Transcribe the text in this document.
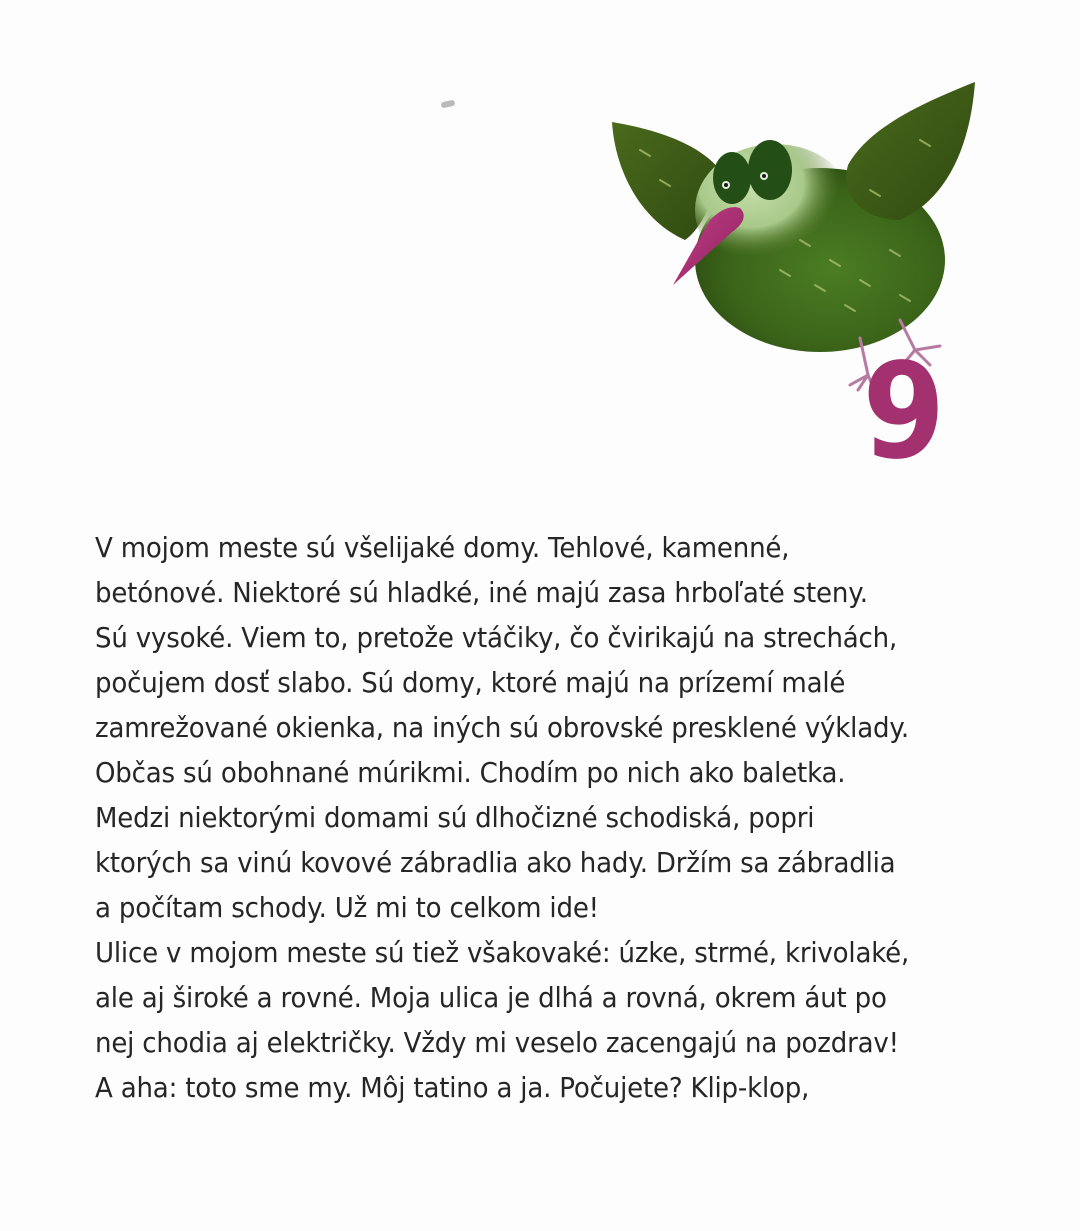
9
V mojom meste sú všelijaké domy. Tehlové, kamenné,
betónové. Niektoré sú hladké, iné majú zasa hrboľaté steny.
Sú vysoké. Viem to, pretože vtáčiky, čo čvirikajú na strechách,
počujem dosť slabo. Sú domy, ktoré majú na prízemí malé
zamrežované okienka, na iných sú obrovské presklené výklady.
Občas sú obohnané múrikmi. Chodím po nich ako baletka.
Medzi niektorými domami sú dlhočizné schodiská, popri
ktorých sa vinú kovové zábradlia ako hady. Držím sa zábradlia
a počítam schody. Už mi to celkom ide!
Ulice v mojom meste sú tiež všakovaké: úzke, strmé, krivolaké,
ale aj široké a rovné. Moja ulica je dlhá a rovná, okrem áut po
nej chodia aj električky. Vždy mi veselo zacengajú na pozdrav!
A aha: toto sme my. Môj tatino a ja. Počujete? Klip-klop,
